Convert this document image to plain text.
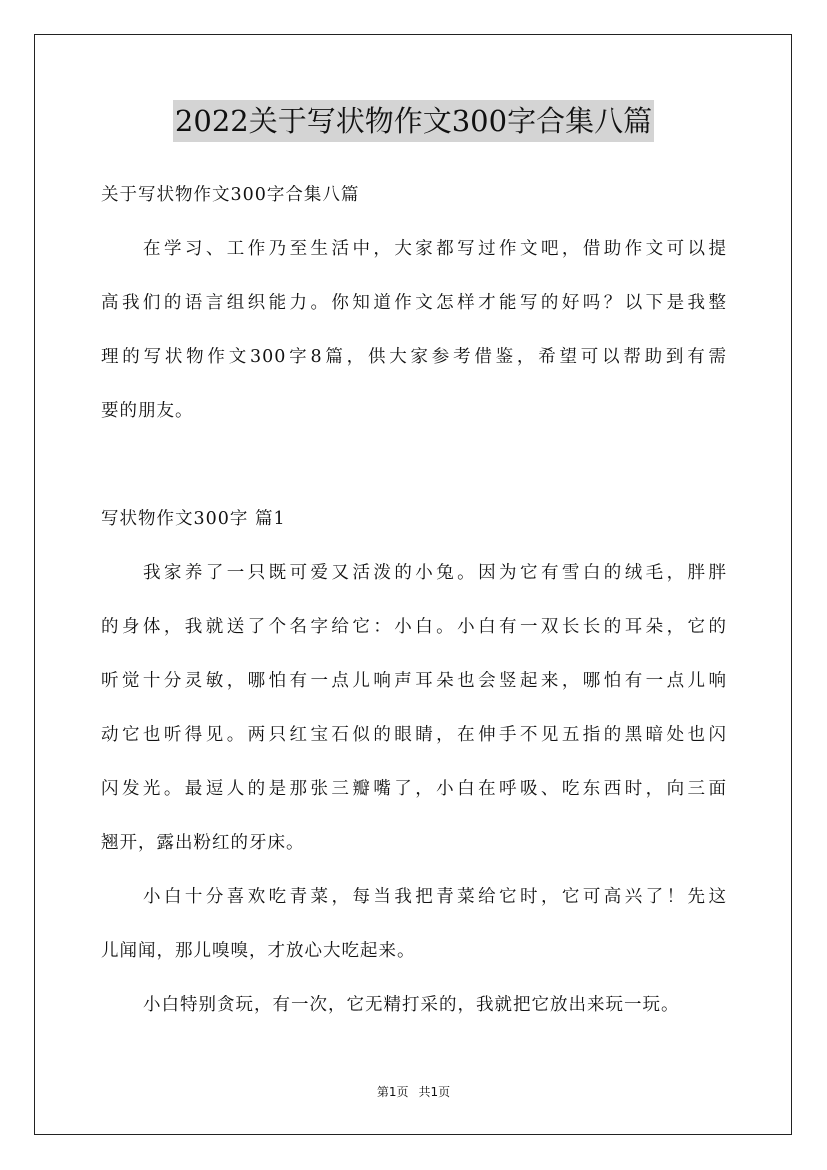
2022关于写状物作文300字合集八篇
关于写状物作文300字合集八篇
在学习、工作乃至生活中，大家都写过作文吧，借助作文可以提
高我们的语言组织能力。你知道作文怎样才能写的好吗？以下是我整
理的写状物作文300字8篇，供大家参考借鉴，希望可以帮助到有需
要的朋友。
写状物作文300字 篇1
我家养了一只既可爱又活泼的小兔。因为它有雪白的绒毛，胖胖
的身体，我就送了个名字给它：小白。小白有一双长长的耳朵，它的
听觉十分灵敏，哪怕有一点儿响声耳朵也会竖起来，哪怕有一点儿响
动它也听得见。两只红宝石似的眼睛，在伸手不见五指的黑暗处也闪
闪发光。最逗人的是那张三瓣嘴了，小白在呼吸、吃东西时，向三面
翘开，露出粉红的牙床。
小白十分喜欢吃青菜，每当我把青菜给它时，它可高兴了！先这
儿闻闻，那儿嗅嗅，才放心大吃起来。
小白特别贪玩，有一次，它无精打采的，我就把它放出来玩一玩。
第1页 共1页
